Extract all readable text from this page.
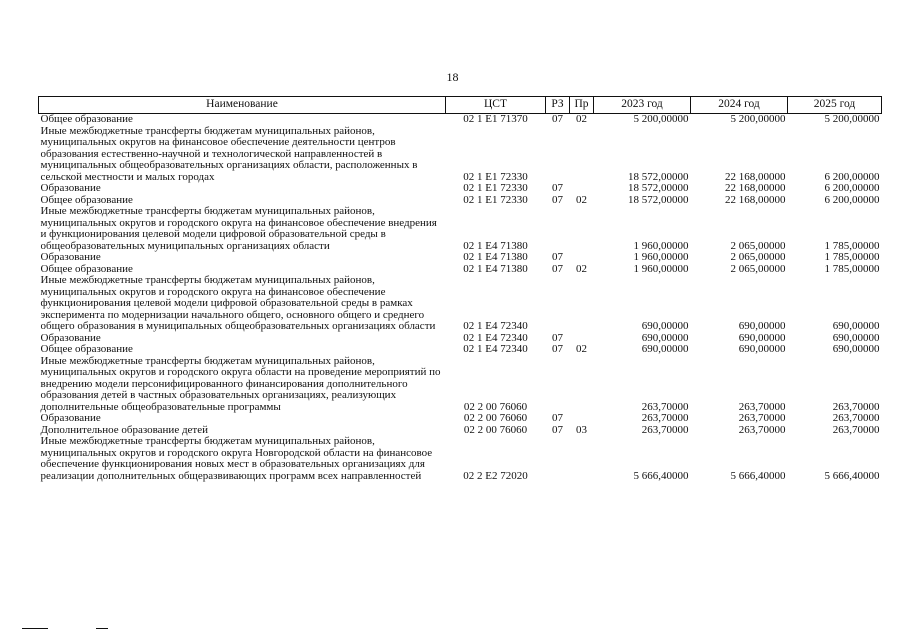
18
Наименование	ЦСТ	РЗ	Пр	2023 год	2024 год	2025 год
Общее образование	02 1 E1 71370	07	02	5 200,00000	5 200,00000	5 200,00000
Иные межбюджетные трансферты бюджетам муниципальных районов, муниципальных округов на финансовое обеспечение деятельности центров образования естественно-научной и технологической направленностей в муниципальных общеобразовательных организациях области, расположенных в сельской местности и малых городах	02 1 E1 72330			18 572,00000	22 168,00000	6 200,00000
Образование	02 1 E1 72330	07		18 572,00000	22 168,00000	6 200,00000
Общее образование	02 1 E1 72330	07	02	18 572,00000	22 168,00000	6 200,00000
Иные межбюджетные трансферты бюджетам муниципальных районов, муниципальных округов и городского округа на финансовое обеспечение внедрения и функционирования целевой модели цифровой образовательной среды в общеобразовательных муниципальных организациях области	02 1 E4 71380			1 960,00000	2 065,00000	1 785,00000
Образование	02 1 E4 71380	07		1 960,00000	2 065,00000	1 785,00000
Общее образование	02 1 E4 71380	07	02	1 960,00000	2 065,00000	1 785,00000
Иные межбюджетные трансферты бюджетам муниципальных районов, муниципальных округов и городского округа на финансовое обеспечение функционирования целевой модели цифровой образовательной среды в рамках эксперимента по модернизации начального общего, основного общего и среднего общего образования в муниципальных общеобразовательных организациях области	02 1 E4 72340			690,00000	690,00000	690,00000
Образование	02 1 E4 72340	07		690,00000	690,00000	690,00000
Общее образование	02 1 E4 72340	07	02	690,00000	690,00000	690,00000
Иные межбюджетные трансферты бюджетам муниципальных районов, муниципальных округов и городского округа области на проведение мероприятий по внедрению модели персонифицированного финансирования дополнительного образования детей в частных образовательных организациях, реализующих дополнительные общеобразовательные программы	02 2 00 76060			263,70000	263,70000	263,70000
Образование	02 2 00 76060	07		263,70000	263,70000	263,70000
Дополнительное образование детей	02 2 00 76060	07	03	263,70000	263,70000	263,70000
Иные межбюджетные трансферты бюджетам муниципальных районов, муниципальных округов и городского округа Новгородской области на финансовое обеспечение функционирования новых мест в образовательных организациях для реализации дополнительных общеразвивающих программ всех направленностей	02 2 E2 72020			5 666,40000	5 666,40000	5 666,40000
